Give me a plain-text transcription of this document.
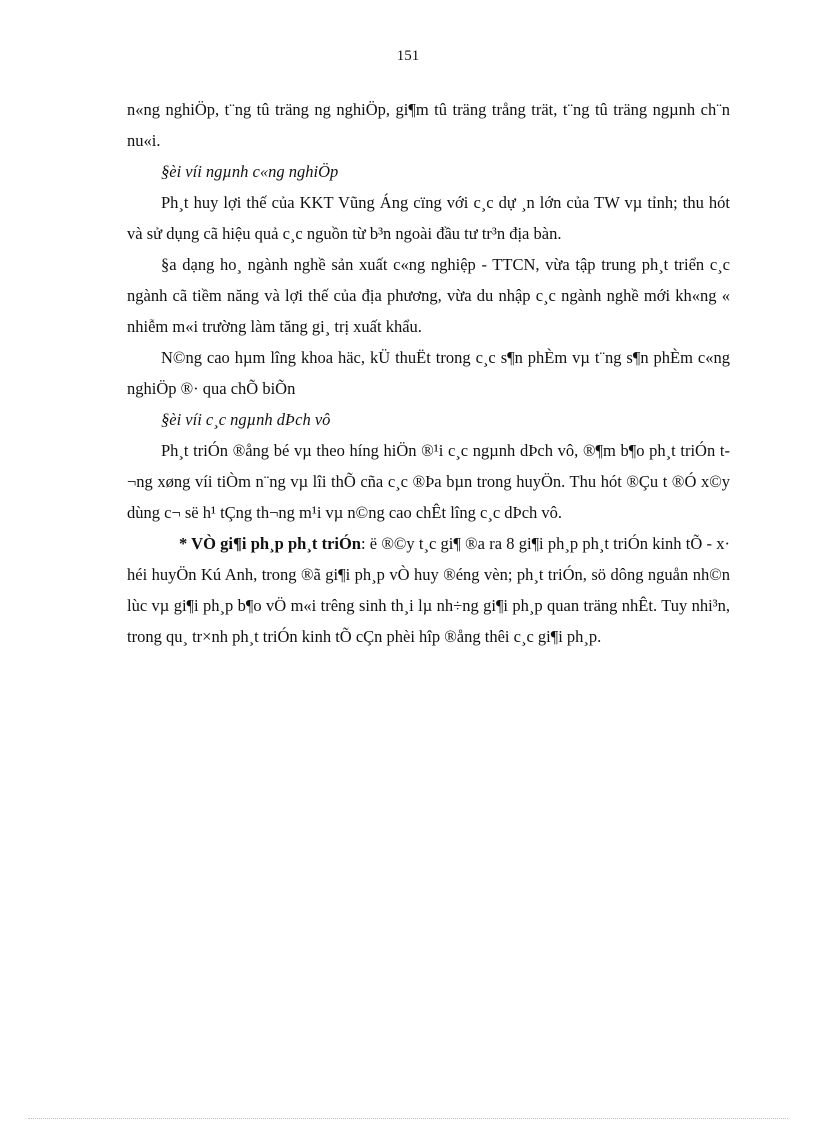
151

n«ng nghiÖp, t¨ng tû träng ng nghiÖp, gi¶m tû träng trång trät, t¨ng tû träng ngµnh ch¨n nu«i.

§èi víi ngµnh c«ng nghiÖp

Ph¸t huy lợi thế của KKT Vũng Áng cïng với c¸c dự ¸n lớn của TW vµ tỉnh; thu hót và sử dụng cã hiệu quả c¸c nguồn từ b³n ngoài đầu tư tr³n địa bàn.

§a dạng ho¸ ngành nghề sản xuất c«ng nghiệp - TTCN, vừa tập trung ph¸t triển c¸c ngành cã tiềm năng và lợi thế của địa phương, vừa du nhập c¸c ngành nghề mới kh«ng « nhiễm m«i trường làm tăng gi¸ trị xuất khẩu.

N©ng cao hµm lîng khoa häc, kÜ thuËt trong c¸c s¶n phÈm vµ t¨ng s¶n phÈm c«ng nghiÖp ®· qua chÕ biÕn

§èi víi c¸c ngµnh dÞch vô

Ph¸t triÓn ®ång bé vµ theo híng hiÖn ®¹i c¸c ngµnh dÞch vô, ®¶m b¶o ph¸t triÓn t¬ng xøng víi tiÒm n¨ng vµ lîi thÕ cña c¸c ®Þa bµn trong huyÖn. Thu hót ®Çu t ®Ó x©y dùng c¬ së h¹ tÇng th¬ng m¹i vµ n©ng cao chÊt lîng c¸c dÞch vô.

* VÒ gi¶i ph¸p ph¸t triÓn: ë ®©y t¸c gi¶ ®a ra 8 gi¶i ph¸p ph¸t triÓn kinh tÕ - x· héi huyÖn Kú Anh, trong ®ã gi¶i ph¸p vÒ huy ®éng vèn; ph¸t triÓn, sö dông nguån nh©n lùc vµ gi¶i ph¸p b¶o vÖ m«i trêng sinh th¸i lµ nh÷ng gi¶i ph¸p quan träng nhÊt. Tuy nhi³n, trong qu¸ tr×nh ph¸t triÓn kinh tÕ cÇn phèi hîp ®ång thêi c¸c gi¶i ph¸p.
